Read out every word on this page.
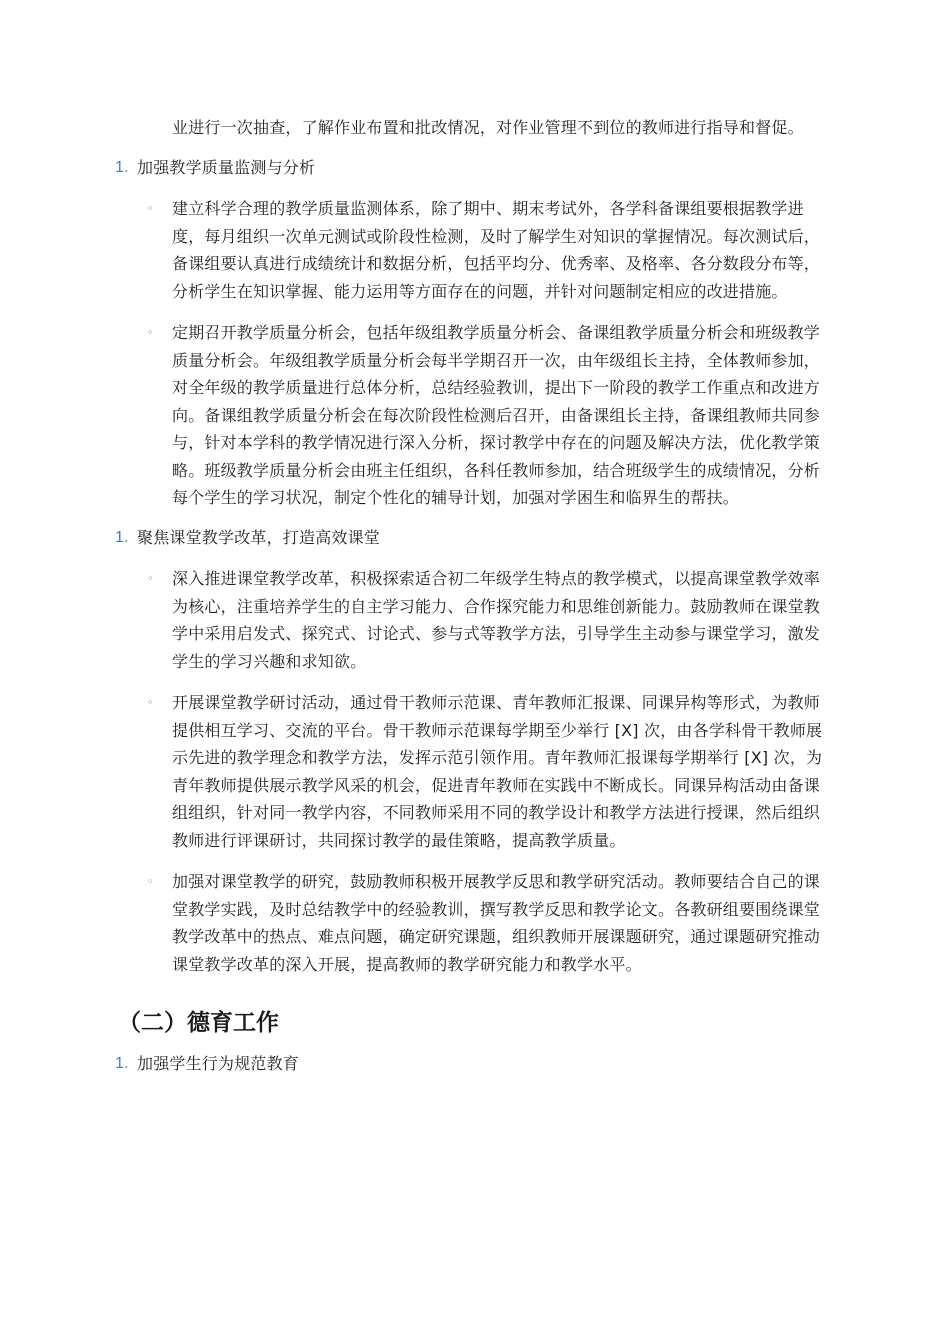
业进行一次抽查，了解作业布置和批改情况，对作业管理不到位的教师进行指导和督促。

1. 加强教学质量监测与分析
◦ 建立科学合理的教学质量监测体系，除了期中、期末考试外，各学科备课组要根据教学进度，每月组织一次单元测试或阶段性检测，及时了解学生对知识的掌握情况。每次测试后，备课组要认真进行成绩统计和数据分析，包括平均分、优秀率、及格率、各分数段分布等，分析学生在知识掌握、能力运用等方面存在的问题，并针对问题制定相应的改进措施。
◦ 定期召开教学质量分析会，包括年级组教学质量分析会、备课组教学质量分析会和班级教学质量分析会。年级组教学质量分析会每半学期召开一次，由年级组长主持，全体教师参加，对全年级的教学质量进行总体分析，总结经验教训，提出下一阶段的教学工作重点和改进方向。备课组教学质量分析会在每次阶段性检测后召开，由备课组长主持，备课组教师共同参与，针对本学科的教学情况进行深入分析，探讨教学中存在的问题及解决方法，优化教学策略。班级教学质量分析会由班主任组织，各科任教师参加，结合班级学生的成绩情况，分析每个学生的学习状况，制定个性化的辅导计划，加强对学困生和临界生的帮扶。
1. 聚焦课堂教学改革，打造高效课堂
◦ 深入推进课堂教学改革，积极探索适合初二年级学生特点的教学模式，以提高课堂教学效率为核心，注重培养学生的自主学习能力、合作探究能力和思维创新能力。鼓励教师在课堂教学中采用启发式、探究式、讨论式、参与式等教学方法，引导学生主动参与课堂学习，激发学生的学习兴趣和求知欲。
◦ 开展课堂教学研讨活动，通过骨干教师示范课、青年教师汇报课、同课异构等形式，为教师提供相互学习、交流的平台。骨干教师示范课每学期至少举行 [X] 次，由各学科骨干教师展示先进的教学理念和教学方法，发挥示范引领作用。青年教师汇报课每学期举行 [X] 次，为青年教师提供展示教学风采的机会，促进青年教师在实践中不断成长。同课异构活动由备课组组织，针对同一教学内容，不同教师采用不同的教学设计和教学方法进行授课，然后组织教师进行评课研讨，共同探讨教学的最佳策略，提高教学质量。
◦ 加强对课堂教学的研究，鼓励教师积极开展教学反思和教学研究活动。教师要结合自己的课堂教学实践，及时总结教学中的经验教训，撰写教学反思和教学论文。各教研组要围绕课堂教学改革中的热点、难点问题，确定研究课题，组织教师开展课题研究，通过课题研究推动课堂教学改革的深入开展，提高教师的教学研究能力和教学水平。
（二）德育工作
1. 加强学生行为规范教育
